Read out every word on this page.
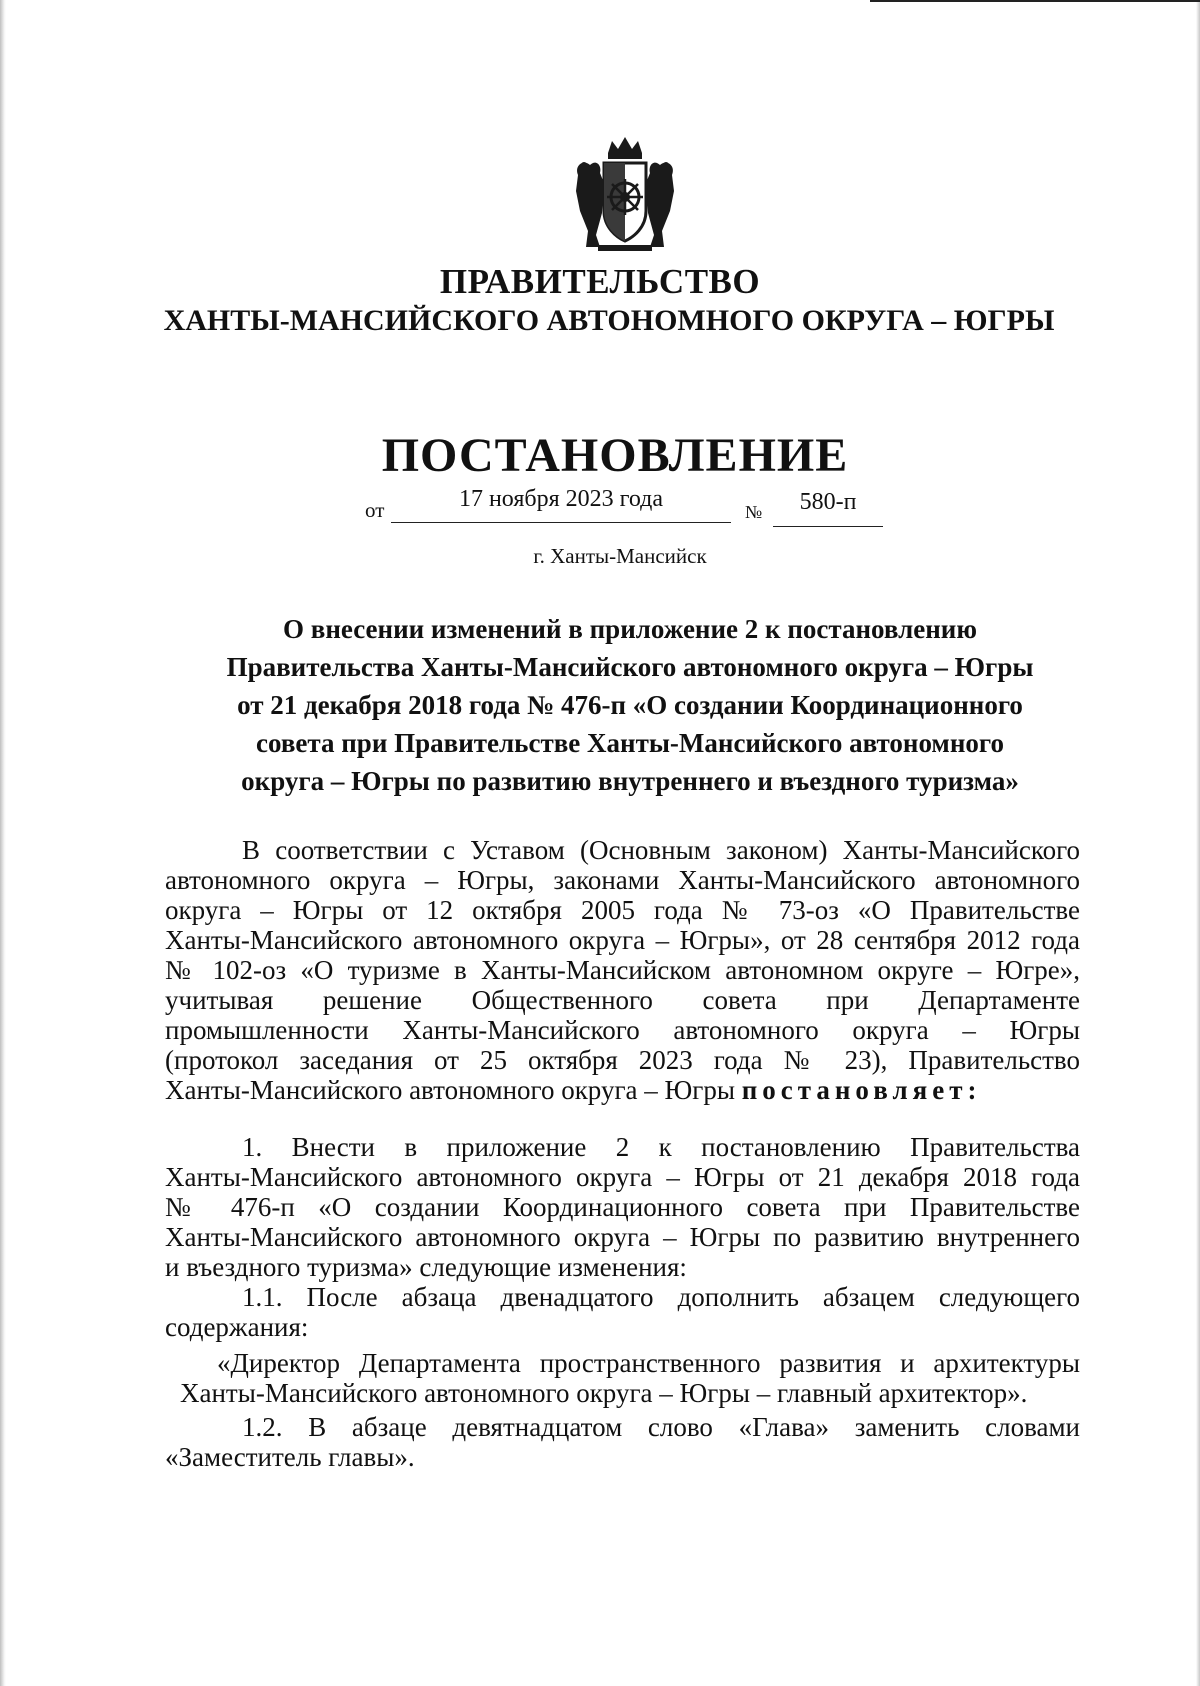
ПРАВИТЕЛЬСТВО
ХАНТЫ-МАНСИЙСКОГО АВТОНОМНОГО ОКРУГА – ЮГРЫ
ПОСТАНОВЛЕНИЕ
от	17 ноября 2023 года	№	580-п
г. Ханты-Мансийск
О внесении изменений в приложение 2 к постановлению
Правительства Ханты-Мансийского автономного округа – Югры
от 21 декабря 2018 года № 476-п «О создании Координационного
совета при Правительстве Ханты-Мансийского автономного
округа – Югры по развитию внутреннего и въездного туризма»
В соответствии с Уставом (Основным законом) Ханты-Мансийского
автономного округа – Югры, законами Ханты-Мансийского автономного
округа – Югры от 12 октября 2005 года № 73-оз «О Правительстве
Ханты-Мансийского автономного округа – Югры», от 28 сентября 2012 года
№ 102-оз «О туризме в Ханты-Мансийском автономном округе – Югре»,
учитывая решение Общественного совета при Департаменте
промышленности Ханты-Мансийского автономного округа – Югры
(протокол заседания от 25 октября 2023 года № 23), Правительство
Ханты-Мансийского автономного округа – Югры постановляет:
1. Внести в приложение 2 к постановлению Правительства
Ханты-Мансийского автономного округа – Югры от 21 декабря 2018 года
№ 476-п «О создании Координационного совета при Правительстве
Ханты-Мансийского автономного округа – Югры по развитию внутреннего
и въездного туризма» следующие изменения:
1.1. После абзаца двенадцатого дополнить абзацем следующего
содержания:
«Директор Департамента пространственного развития и архитектуры
Ханты-Мансийского автономного округа – Югры – главный архитектор».
1.2. В абзаце девятнадцатом слово «Глава» заменить словами
«Заместитель главы».
